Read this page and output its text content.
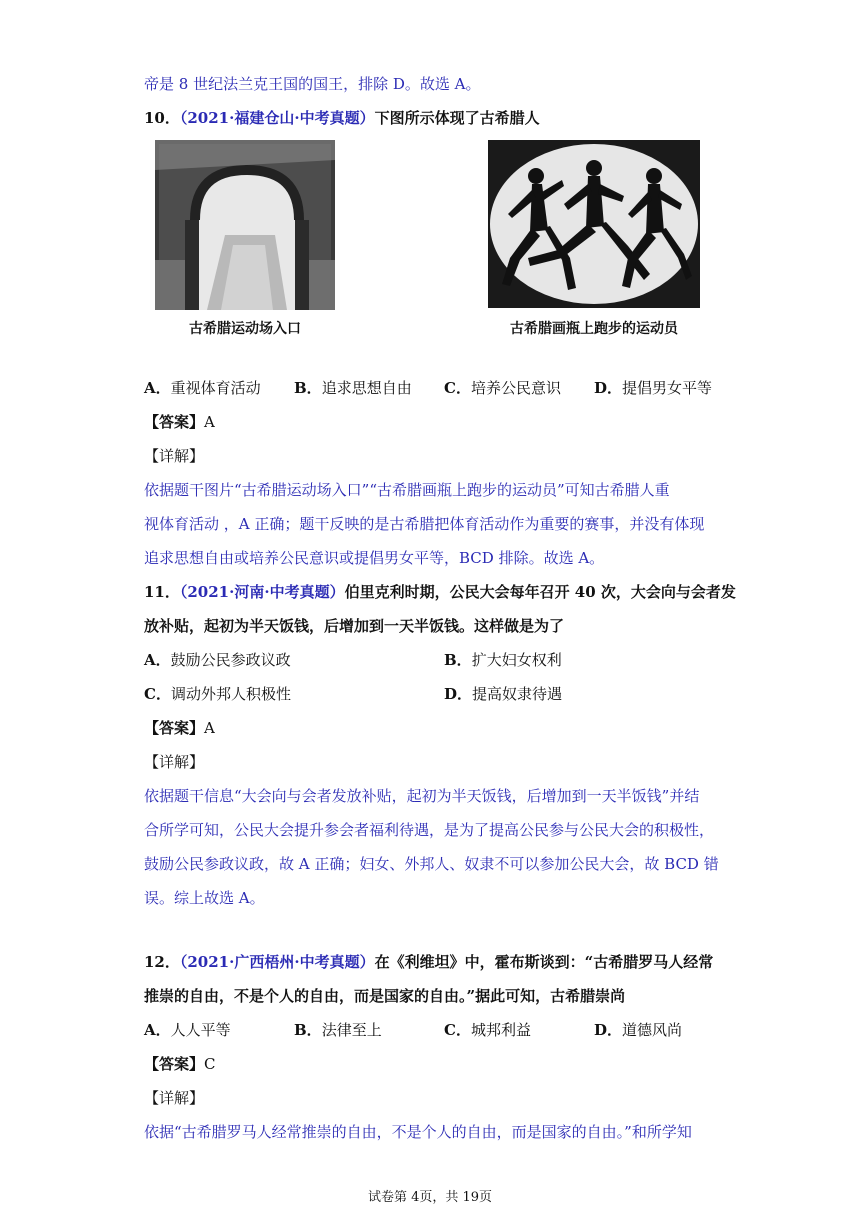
帝是 8 世纪法兰克王国的国王，排除 D。故选 A。
10．（2021·福建仓山·中考真题）下图所示体现了古希腊人
古希腊运动场入口	古希腊画瓶上跑步的运动员
A．重视体育活动 B．追求思想自由 C．培养公民意识 D．提倡男女平等
【答案】A
【详解】
依据题干图片“古希腊运动场入口”“古希腊画瓶上跑步的运动员”可知古希腊人重
视体育活动 ，A 正确；题干反映的是古希腊把体育活动作为重要的赛事，并没有体现
追求思想自由或培养公民意识或提倡男女平等，BCD 排除。故选 A。
11．（2021·河南·中考真题）伯里克利时期，公民大会每年召开 40 次，大会向与会者发
放补贴，起初为半天饭钱，后增加到一天半饭钱。这样做是为了
A．鼓励公民参政议政	B．扩大妇女权利
C．调动外邦人积极性	D．提高奴隶待遇
【答案】A
【详解】
依据题干信息“大会向与会者发放补贴，起初为半天饭钱，后增加到一天半饭钱”并结
合所学可知，公民大会提升参会者福利待遇，是为了提高公民参与公民大会的积极性，
鼓励公民参政议政，故 A 正确；妇女、外邦人、奴隶不可以参加公民大会，故 BCD 错
误。综上故选 A。
12．（2021·广西梧州·中考真题）在《利维坦》中，霍布斯谈到：“古希腊罗马人经常
推崇的自由，不是个人的自由，而是国家的自由。”据此可知，古希腊崇尚
A．人人平等	B．法律至上	C．城邦利益	D．道德风尚
【答案】C
【详解】
依据“古希腊罗马人经常推崇的自由，不是个人的自由，而是国家的自由。”和所学知
试卷第 4页，共 19页
